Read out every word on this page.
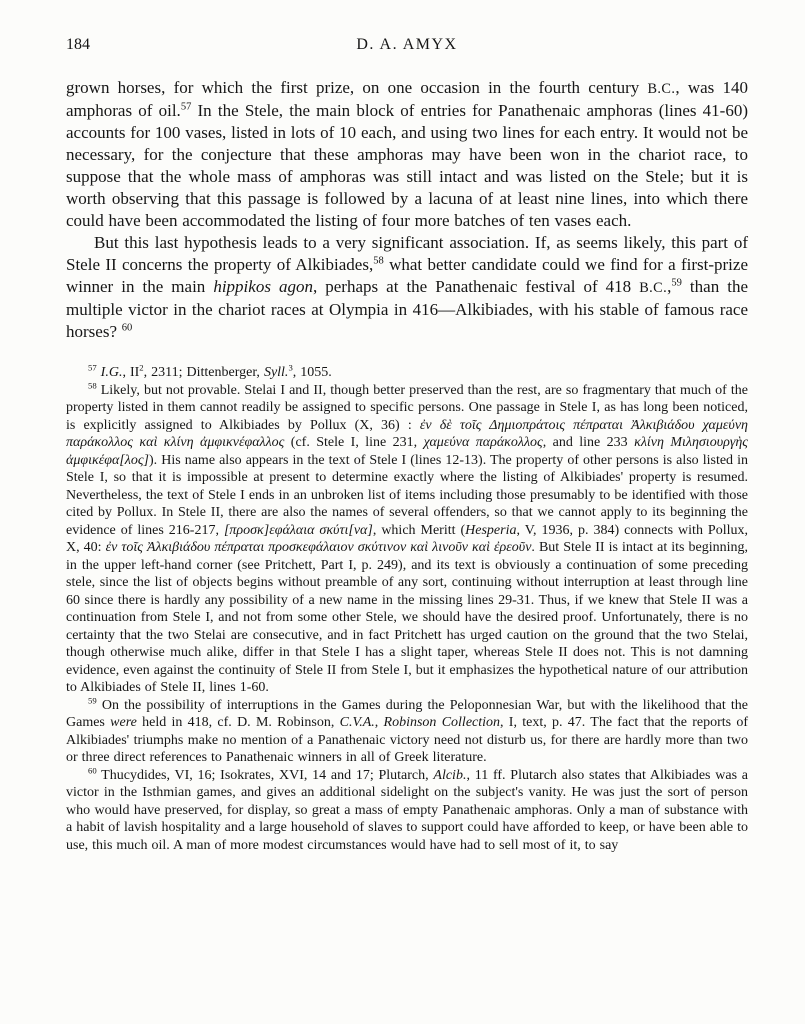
184	D. A. AMYX

grown horses, for which the first prize, on one occasion in the fourth century B.C., was 140 amphoras of oil.$^{57}$ In the Stele, the main block of entries for Panathenaic amphoras (lines 41-60) accounts for 100 vases, listed in lots of 10 each, and using two lines for each entry. It would not be necessary, for the conjecture that these amphoras may have been won in the chariot race, to suppose that the whole mass of amphoras was still intact and was listed on the Stele; but it is worth observing that this passage is followed by a lacuna of at least nine lines, into which there could have been accommodated the listing of four more batches of ten vases each.

But this last hypothesis leads to a very significant association. If, as seems likely, this part of Stele II concerns the property of Alkibiades,$^{58}$ what better candidate could we find for a first-prize winner in the main hippikos agon, perhaps at the Panathenaic festival of 418 B.C.,$^{59}$ than the multiple victor in the chariot races at Olympia in 416—Alkibiades, with his stable of famous race horses? $^{60}$

$^{57}$ I.G., $II^2$, 2311; Dittenberger, Syll.$^3$, 1055.

$^{58}$ Likely, but not provable. Stelai I and II, though better preserved than the rest, are so fragmentary that much of the property listed in them cannot readily be assigned to specific persons. One passage in Stele I, as has long been noticed, is explicitly assigned to Alkibiades by Pollux (X, 36) : ἐν δὲ τοῖς Δημιοπράτοις πέπραται Ἀλκιβιάδου χαμεύνη παράκολλος καὶ κλίνη ἀμφικνέφαλλος (cf. Stele I, line 231, χαμεύνα παράκολλος, and line 233 κλίνη Μιλησιουργὴς ἀμφικέφα[λος]). His name also appears in the text of Stele I (lines 12-13). The property of other persons is also listed in Stele I, so that it is impossible at present to determine exactly where the listing of Alkibiades' property is resumed. Nevertheless, the text of Stele I ends in an unbroken list of items including those presumably to be identified with those cited by Pollux. In Stele II, there are also the names of several offenders, so that we cannot apply to its beginning the evidence of lines 216-217, [προσκ]εφάλαια σκύτι[να], which Meritt (Hesperia, V, 1936, p. 384) connects with Pollux, X, 40: ἐν τοῖς Ἀλκιβιάδου πέπραται προσκεφάλαιον σκύτινον καὶ λινοῦν καὶ ἐρεοῦν. But Stele II is intact at its beginning, in the upper left-hand corner (see Pritchett, Part I, p. 249), and its text is obviously a continuation of some preceding stele, since the list of objects begins without preamble of any sort, continuing without interruption at least through line 60 since there is hardly any possibility of a new name in the missing lines 29-31. Thus, if we knew that Stele II was a continuation from Stele I, and not from some other Stele, we should have the desired proof. Unfortunately, there is no certainty that the two Stelai are consecutive, and in fact Pritchett has urged caution on the ground that the two Stelai, though otherwise much alike, differ in that Stele I has a slight taper, whereas Stele II does not. This is not damning evidence, even against the continuity of Stele II from Stele I, but it emphasizes the hypothetical nature of our attribution to Alkibiades of Stele II, lines 1-60.

$^{59}$ On the possibility of interruptions in the Games during the Peloponnesian War, but with the likelihood that the Games were held in 418, cf. D. M. Robinson, C.V.A., Robinson Collection, I, text, p. 47. The fact that the reports of Alkibiades' triumphs make no mention of a Panathenaic victory need not disturb us, for there are hardly more than two or three direct references to Panathenaic winners in all of Greek literature.

$^{60}$ Thucydides, VI, 16; Isokrates, XVI, 14 and 17; Plutarch, Alcib., 11 ff. Plutarch also states that Alkibiades was a victor in the Isthmian games, and gives an additional sidelight on the subject's vanity. He was just the sort of person who would have preserved, for display, so great a mass of empty Panathenaic amphoras. Only a man of substance with a habit of lavish hospitality and a large household of slaves to support could have afforded to keep, or have been able to use, this much oil. A man of more modest circumstances would have had to sell most of it, to say
